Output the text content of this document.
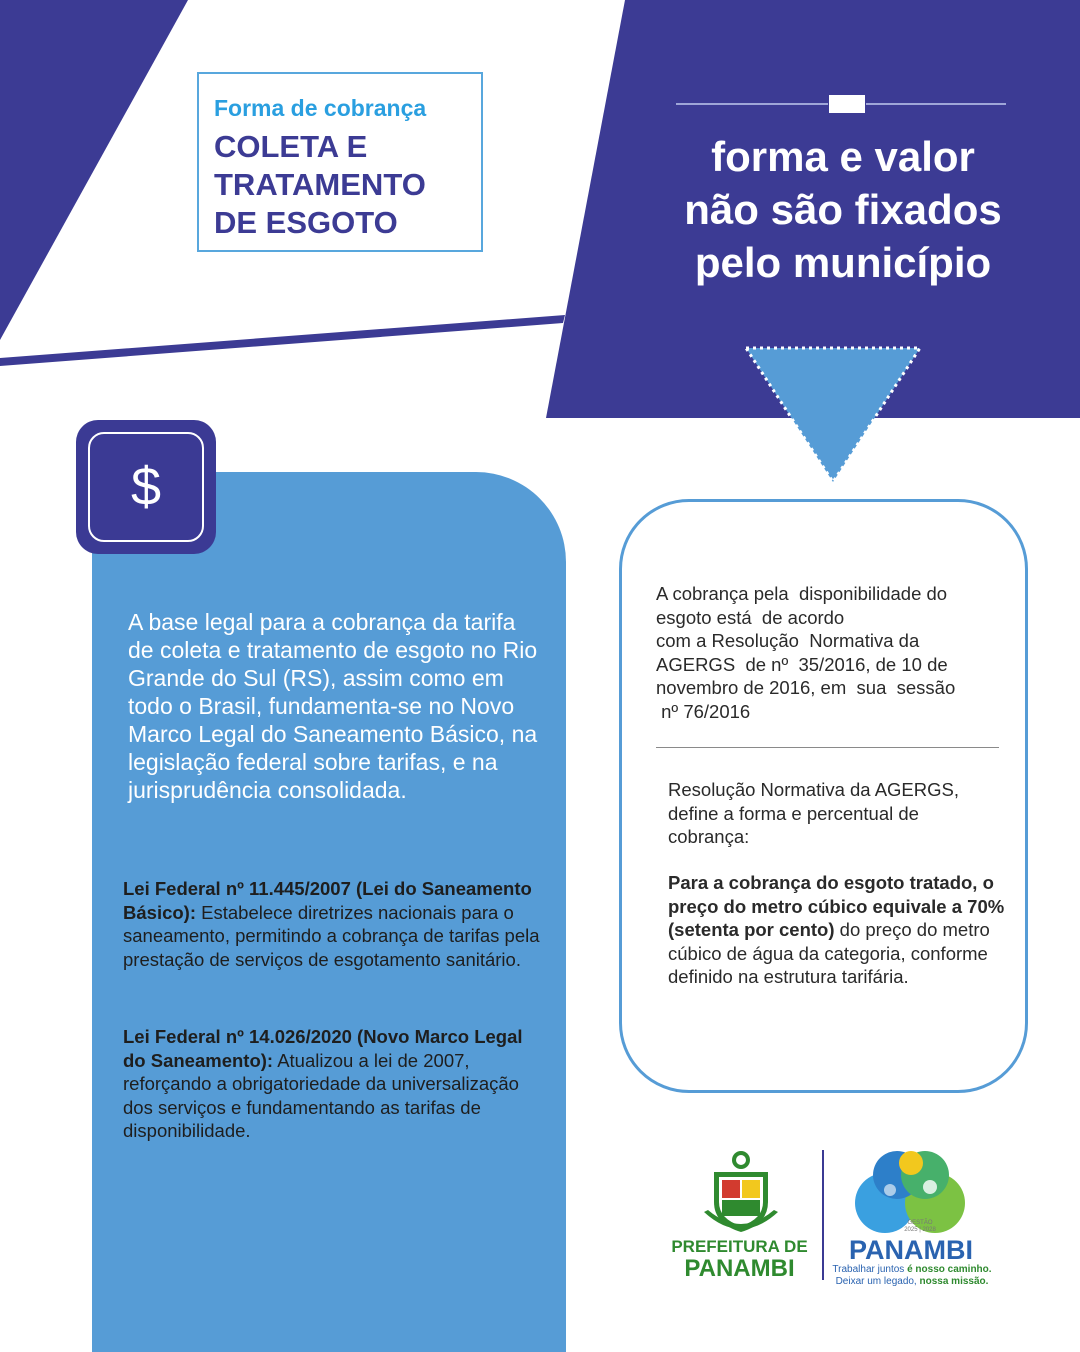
Forma de cobrança
COLETA E
TRATAMENTO
DE ESGOTO
forma e valor
não são fixados
pelo município
$
A base legal para a cobrança da tarifa de coleta e tratamento de esgoto no Rio Grande do Sul (RS), assim como em todo o Brasil, fundamenta-se no Novo Marco Legal do Saneamento Básico, na legislação federal sobre tarifas, e na jurisprudência consolidada.
Lei Federal nº 11.445/2007 (Lei do Saneamento Básico): Estabelece diretrizes nacionais para o saneamento, permitindo a cobrança de tarifas pela prestação de serviços de esgotamento sanitário.
Lei Federal nº 14.026/2020 (Novo Marco Legal do Saneamento): Atualizou a lei de 2007, reforçando a obrigatoriedade da universalização dos serviços e fundamentando as tarifas de disponibilidade.
A cobrança pela  disponibilidade do
esgoto está  de acordo
com a Resolução  Normativa da
AGERGS  de nº  35/2016, de 10 de
novembro de 2016, em  sua  sessão
nº 76/2016
Resolução Normativa da AGERGS, define a forma e percentual de cobrança:
Para a cobrança do esgoto tratado, o preço do metro cúbico equivale a 70% (setenta por cento) do preço do metro cúbico de água da categoria, conforme definido na estrutura tarifária.
PREFEITURA DE
PANAMBI
GESTÃO
2025 | 2028
PANAMBI
Trabalhar juntos é nosso caminho.
Deixar um legado, nossa missão.
